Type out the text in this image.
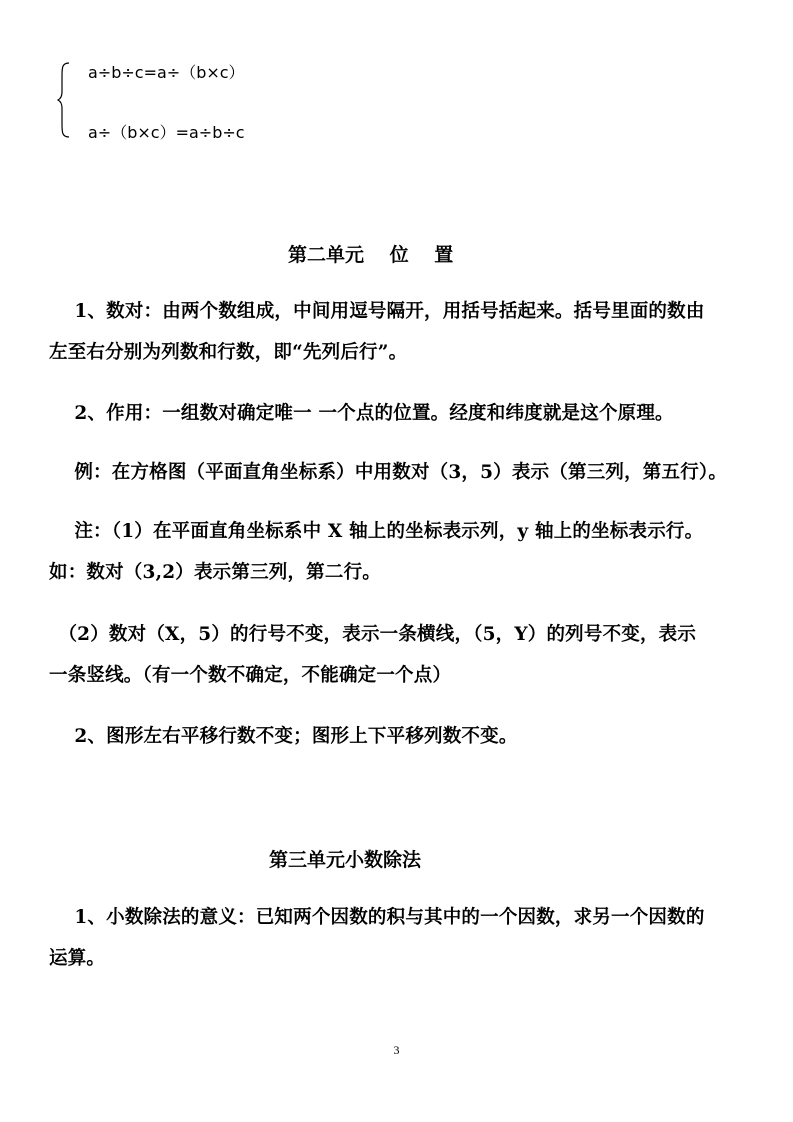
a÷b÷c=a÷（b×c）
a÷（b×c）=a÷b÷c
第二单元　 位　 置
　 1、数对：由两个数组成，中间用逗号隔开，用括号括起来。括号里面的数由
左至右分别为列数和行数，即“先列后行”。
　 2、作用：一组数对确定唯一 一个点的位置。经度和纬度就是这个原理。
　 例：在方格图（平面直角坐标系）中用数对（3，5）表示（第三列，第五行）。
　 注：（1）在平面直角坐标系中 X 轴上的坐标表示列，y 轴上的坐标表示行。
如：数对（3,2）表示第三列，第二行。
　（2）数对（X，5）的行号不变，表示一条横线，（5，Y）的列号不变，表示
一条竖线。（有一个数不确定，不能确定一个点）
　 2、图形左右平移行数不变；图形上下平移列数不变。
第三单元小数除法
　 1、小数除法的意义：已知两个因数的积与其中的一个因数，求另一个因数的
运算。
3
